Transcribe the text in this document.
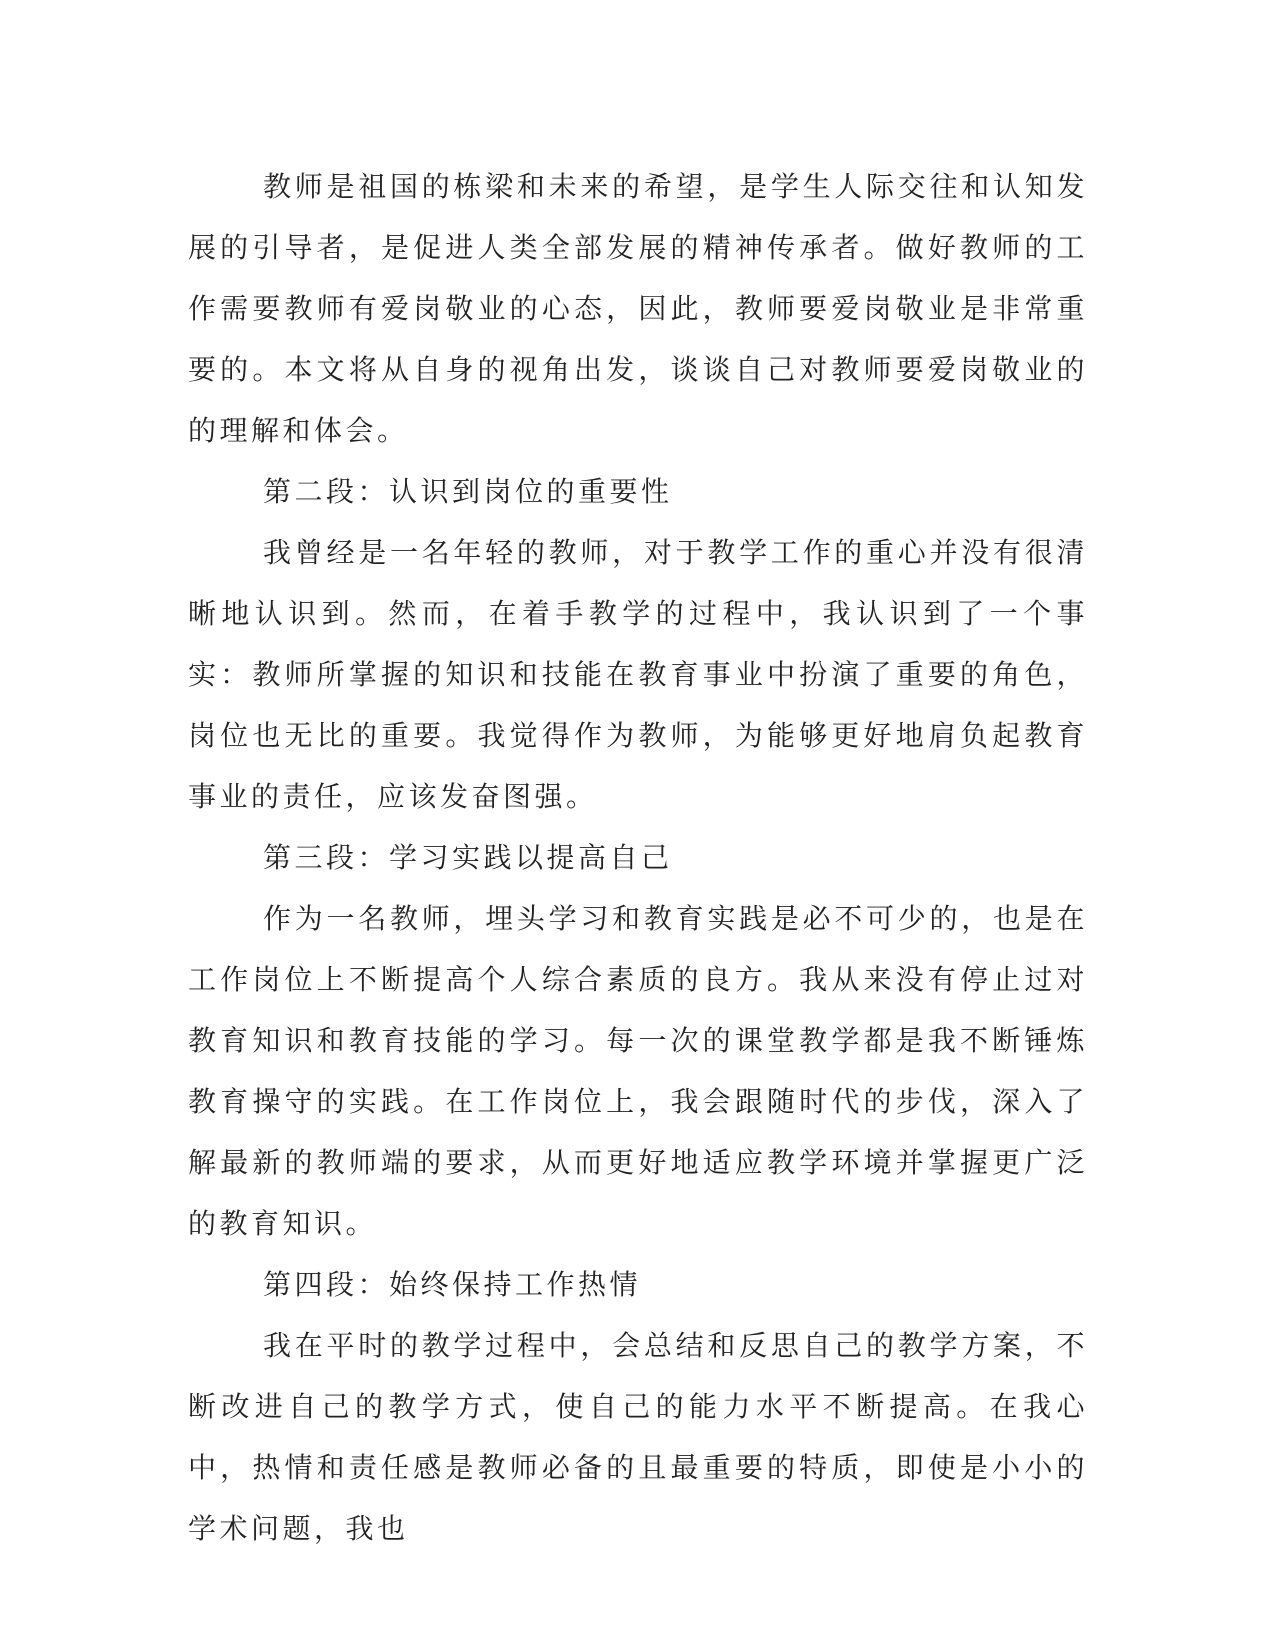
教师是祖国的栋梁和未来的希望，是学生人际交往和认知发展的引导者，是促进人类全部发展的精神传承者。做好教师的工作需要教师有爱岗敬业的心态，因此，教师要爱岗敬业是非常重要的。本文将从自身的视角出发，谈谈自己对教师要爱岗敬业的的理解和体会。

第二段：认识到岗位的重要性

我曾经是一名年轻的教师，对于教学工作的重心并没有很清晰地认识到。然而，在着手教学的过程中，我认识到了一个事实：教师所掌握的知识和技能在教育事业中扮演了重要的角色，岗位也无比的重要。我觉得作为教师，为能够更好地肩负起教育事业的责任，应该发奋图强。

第三段：学习实践以提高自己

作为一名教师，埋头学习和教育实践是必不可少的，也是在工作岗位上不断提高个人综合素质的良方。我从来没有停止过对教育知识和教育技能的学习。每一次的课堂教学都是我不断锤炼教育操守的实践。在工作岗位上，我会跟随时代的步伐，深入了解最新的教师端的要求，从而更好地适应教学环境并掌握更广泛的教育知识。

第四段：始终保持工作热情

我在平时的教学过程中，会总结和反思自己的教学方案，不断改进自己的教学方式，使自己的能力水平不断提高。在我心中，热情和责任感是教师必备的且最重要的特质，即使是小小的学术问题，我也
